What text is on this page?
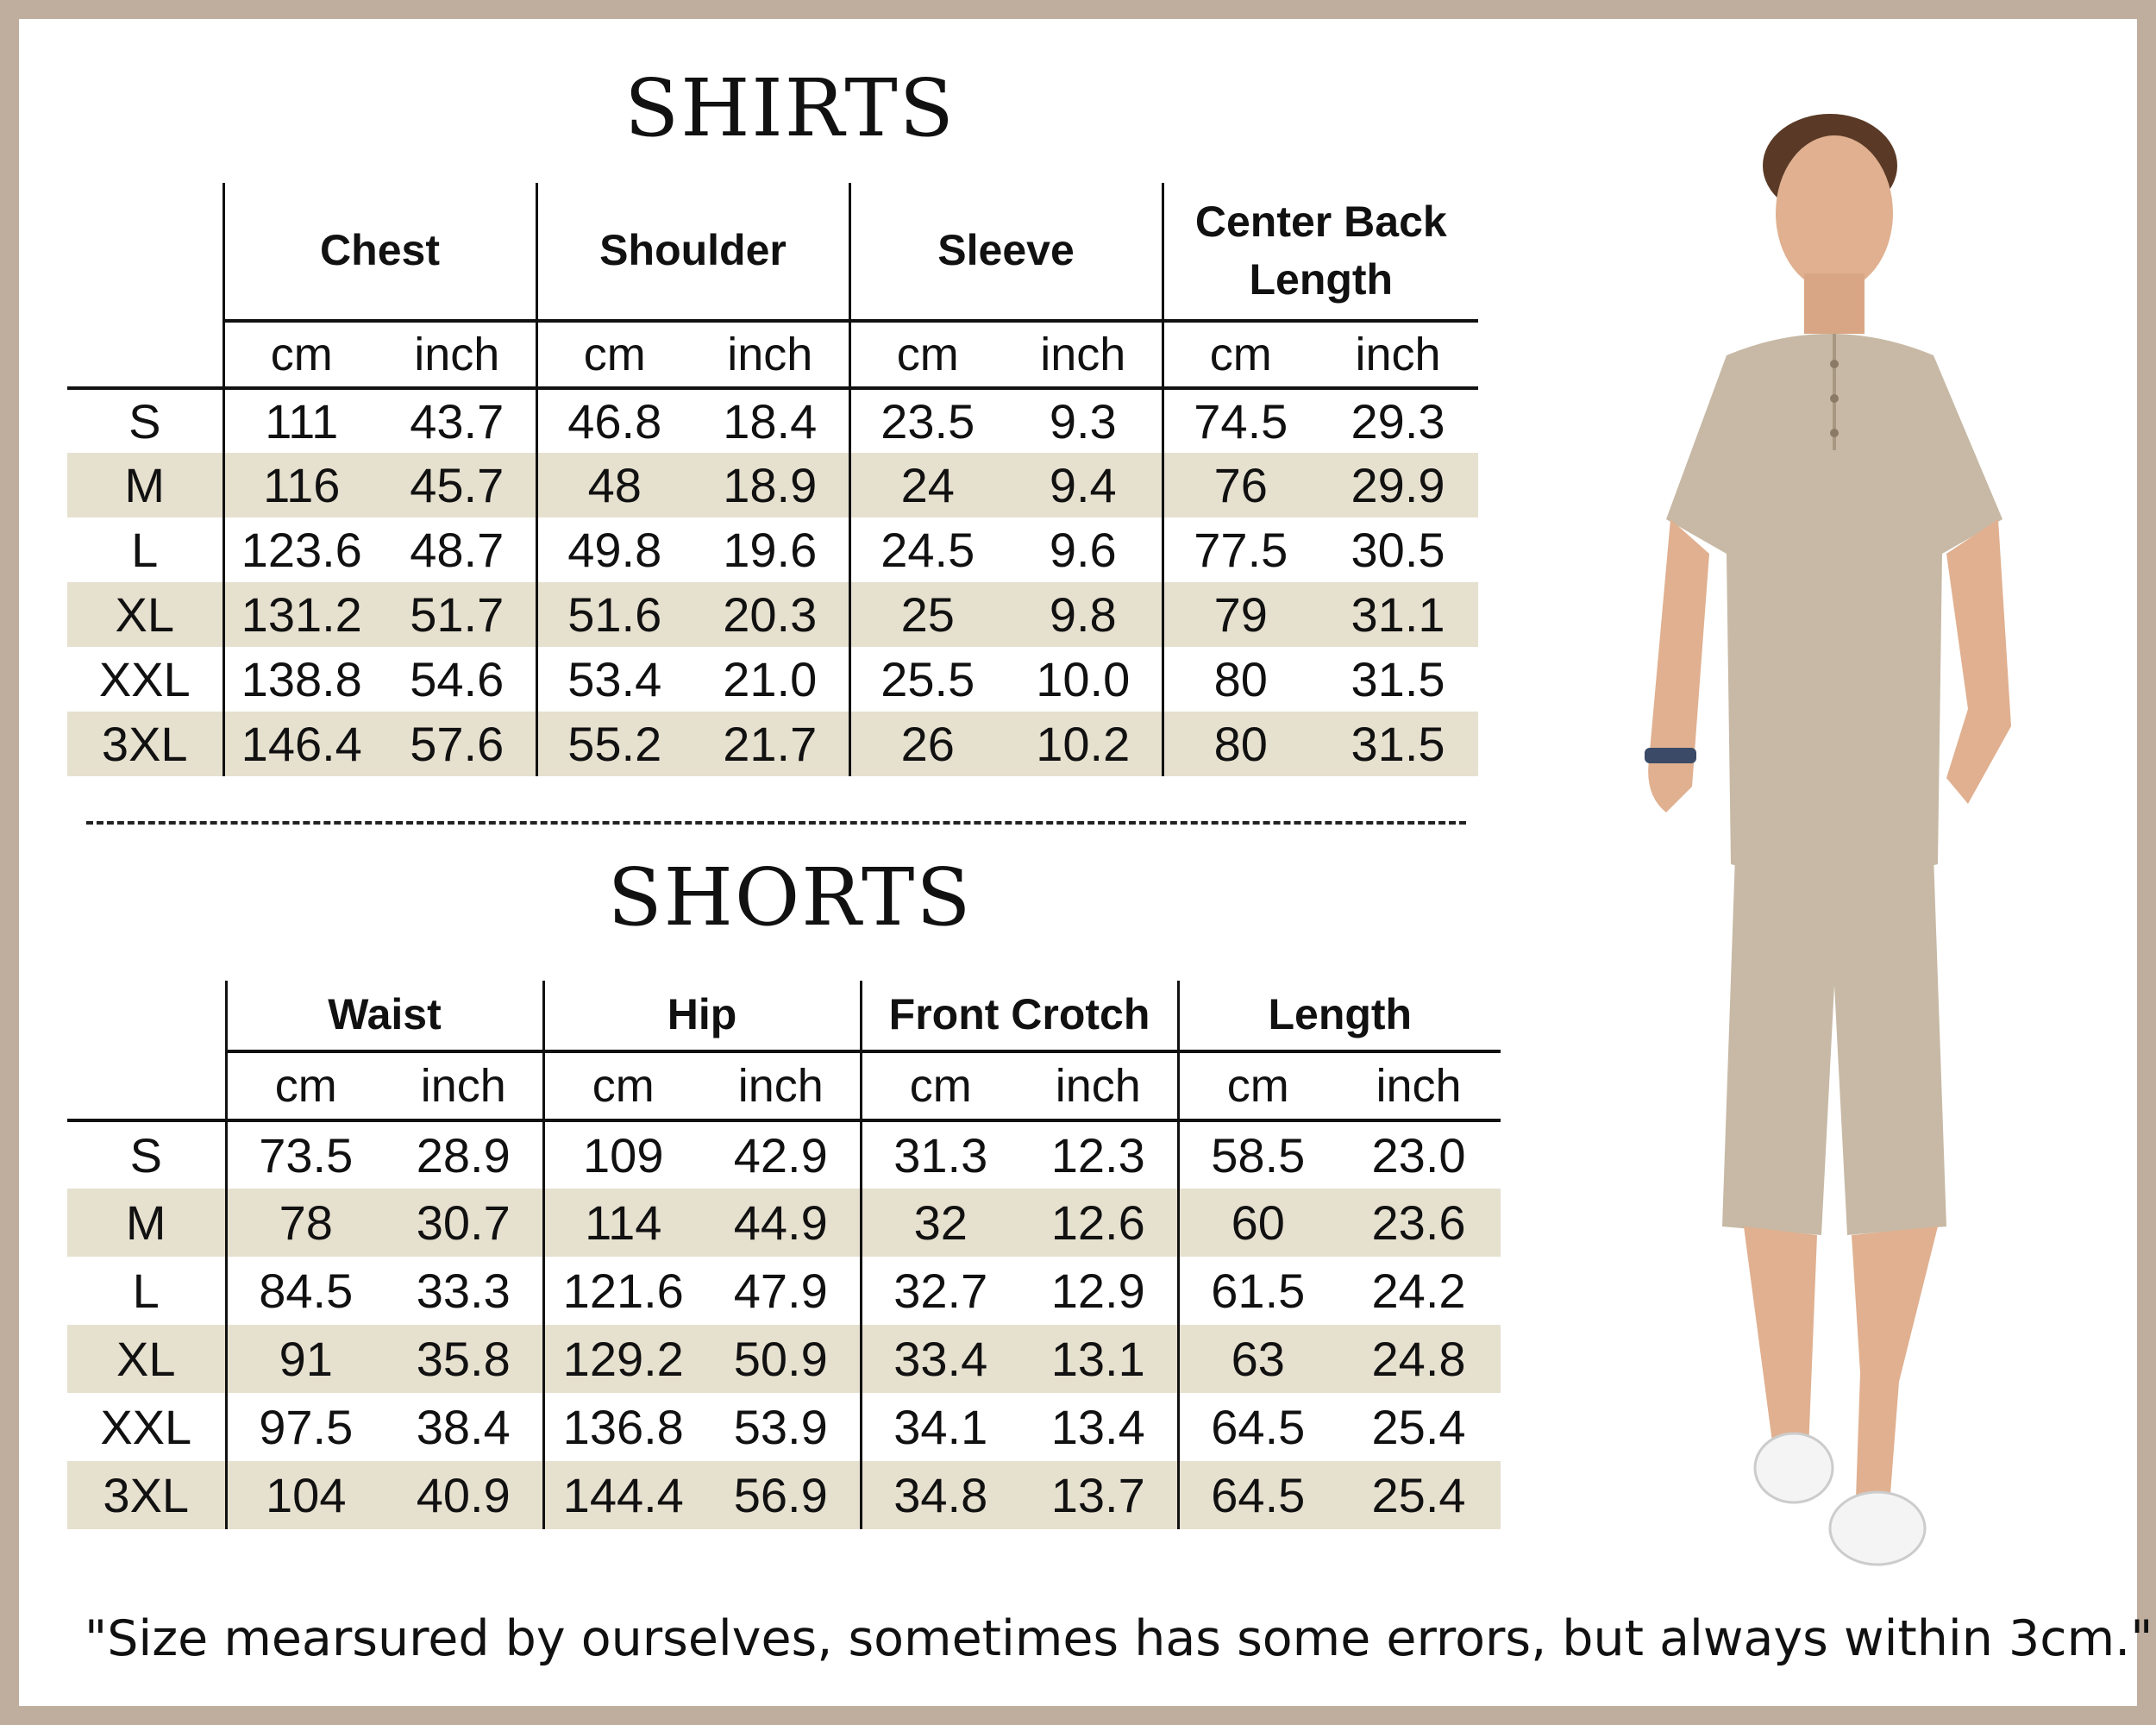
SHIRTS
	Chest		Shoulder		Sleeve		Center Back Length	
	cm	inch	cm	inch	cm	inch	cm	inch
S	111	43.7	46.8	18.4	23.5	9.3	74.5	29.3
M	116	45.7	48	18.9	24	9.4	76	29.9
L	123.6	48.7	49.8	19.6	24.5	9.6	77.5	30.5
XL	131.2	51.7	51.6	20.3	25	9.8	79	31.1
XXL	138.8	54.6	53.4	21.0	25.5	10.0	80	31.5
3XL	146.4	57.6	55.2	21.7	26	10.2	80	31.5
SHORTS
	Waist		Hip		Front Crotch		Length	
	cm	inch	cm	inch	cm	inch	cm	inch
S	73.5	28.9	109	42.9	31.3	12.3	58.5	23.0
M	78	30.7	114	44.9	32	12.6	60	23.6
L	84.5	33.3	121.6	47.9	32.7	12.9	61.5	24.2
XL	91	35.8	129.2	50.9	33.4	13.1	63	24.8
XXL	97.5	38.4	136.8	53.9	34.1	13.4	64.5	25.4
3XL	104	40.9	144.4	56.9	34.8	13.7	64.5	25.4
"Size mearsured by ourselves, sometimes has some errors, but always within 3cm."
